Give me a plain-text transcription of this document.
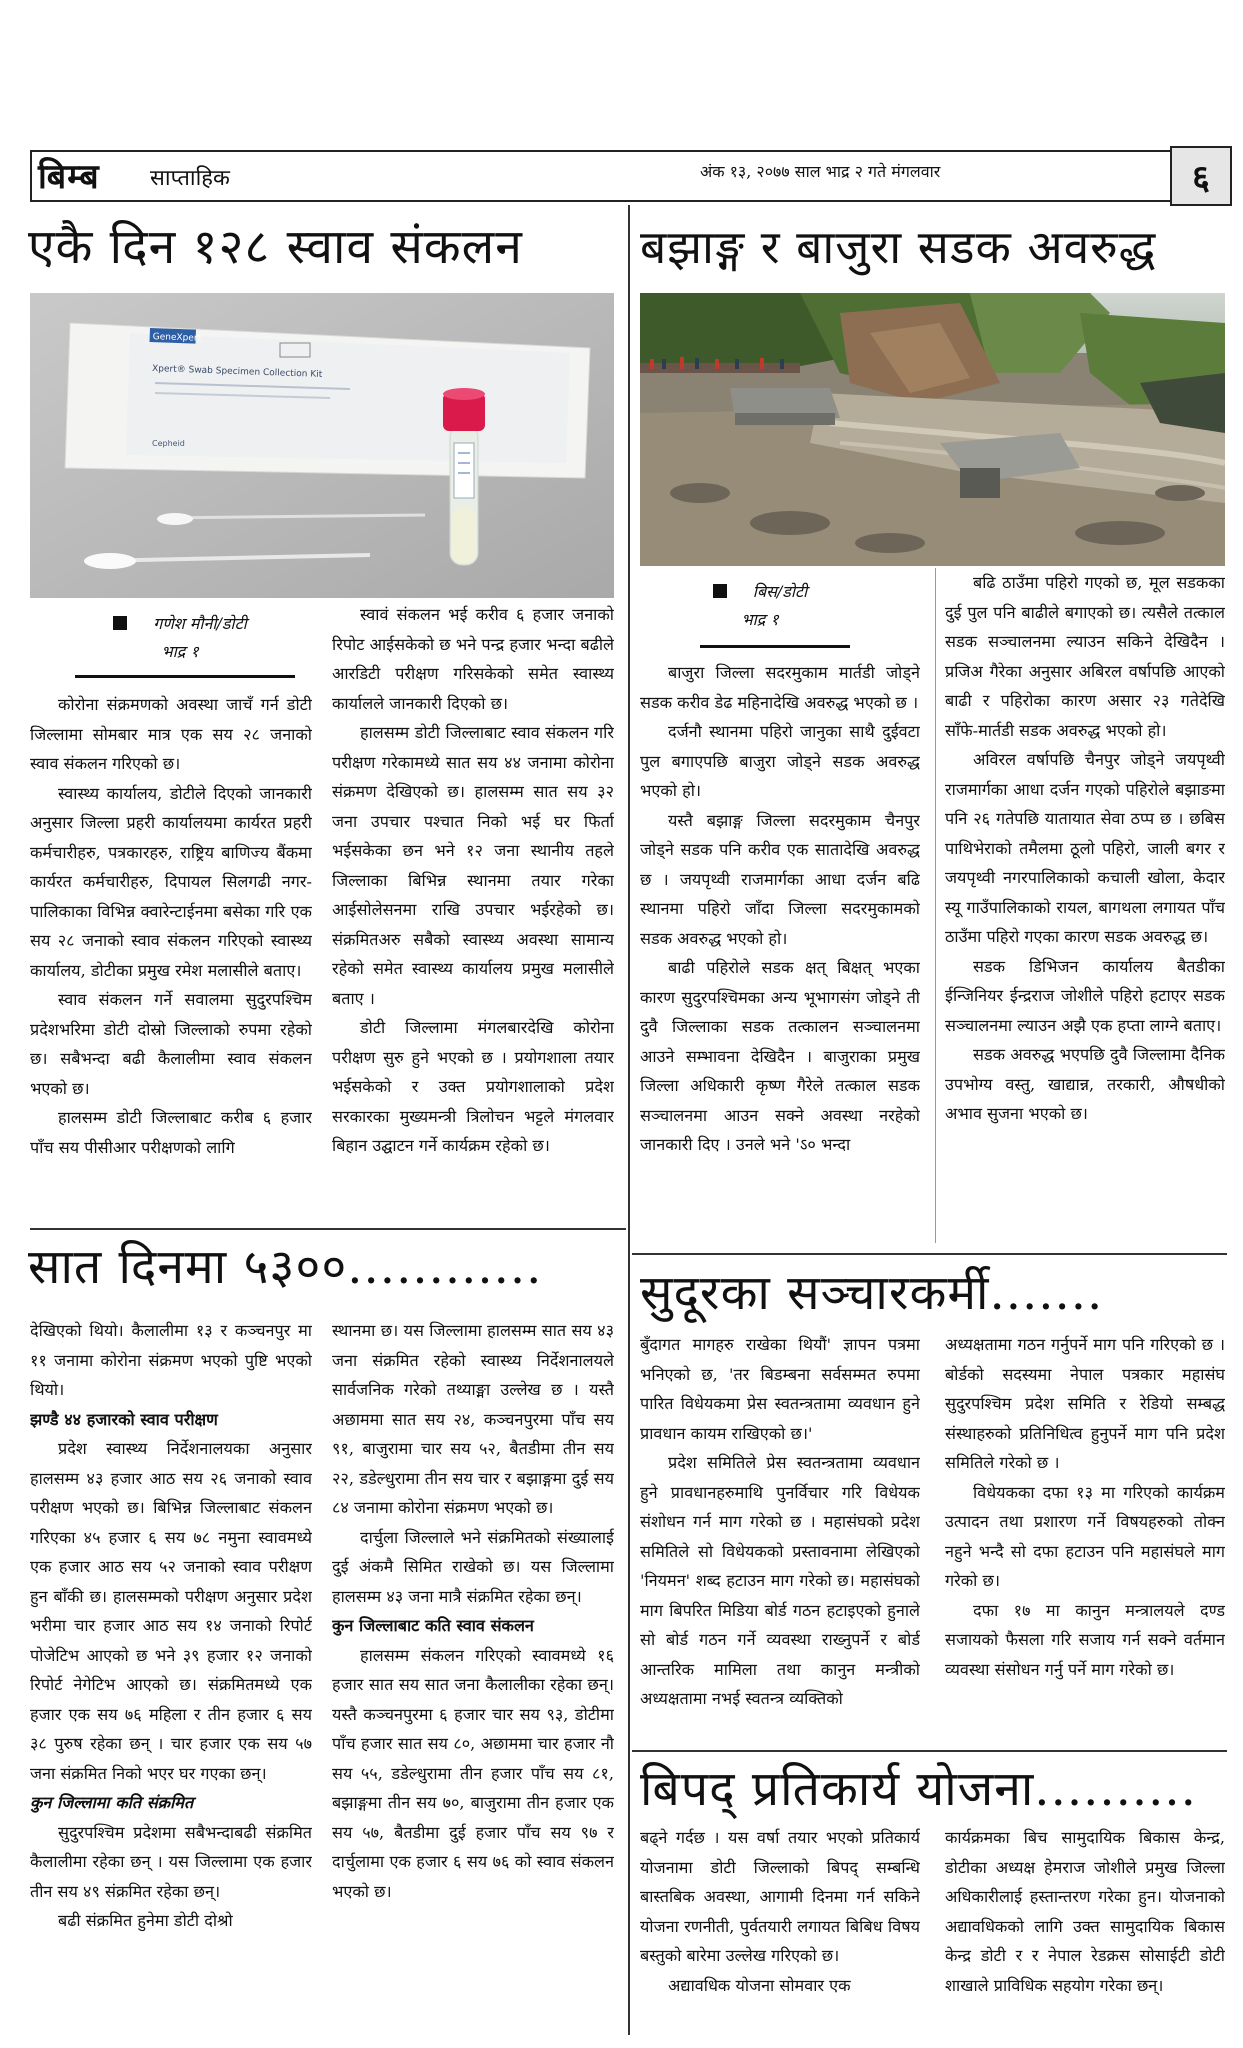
बिम्ब साप्ताहिक	अंक १३, २०७७ साल भाद्र २ गते मंगलवार	६
एकै दिन १२८ स्वाव संकलन
GeneXpert
Xpert® Swab Specimen Collection Kit
Cepheid
गणेश मौनी/डोटी
भाद्र १

कोरोना संक्रमणको अवस्था जाचँ गर्न डोटी जिल्लामा सोमबार मात्र एक सय २८ जनाको स्वाव संकलन गरिएको छ।

स्वास्थ्य कार्यालय, डोटीले दिएको जानकारी अनुसार जिल्ला प्रहरी कार्यालयमा कार्यरत प्रहरी कर्मचारीहरु, पत्रकारहरु, राष्ट्रिय बाणिज्य बैंकमा कार्यरत कर्मचारीहरु, दिपायल सिलगढी नगर-पालिकाका विभिन्न क्वारेन्टाईनमा बसेका गरि एक सय २८ जनाको स्वाव संकलन गरिएको स्वास्थ्य कार्यालय, डोटीका प्रमुख रमेश मलासीले बताए।

स्वाव संकलन गर्ने सवालमा सुदुरपश्चिम प्रदेशभरिमा डोटी दोस्रो जिल्लाको रुपमा रहेको छ। सबैभन्दा बढी कैलालीमा स्वाव संकलन भएको छ।

हालसम्म डोटी जिल्लाबाट करीब ६ हजार पाँच सय पीसीआर परीक्षणको लागि

स्वावं संकलन भई करीव ६ हजार जनाको रिपोट आईसकेको छ भने पन्द्र हजार भन्दा बढीले आरडिटी परीक्षण गरिसकेको समेत स्वास्थ्य कार्यालले जानकारी दिएको छ।

हालसम्म डोटी जिल्लाबाट स्वाव संकलन गरि परीक्षण गरेकामध्ये सात सय ४४ जनामा कोरोना संक्रमण देखिएको छ। हालसम्म सात सय ३२ जना उपचार पश्चात निको भई घर फिर्ता भईसकेका छन भने १२ जना स्थानीय तहले जिल्लाका बिभिन्न स्थानमा तयार गरेका आईसोलेसनमा राखि उपचार भईरहेको छ। संक्रमितअरु सबैको स्वास्थ्य अवस्था सामान्य रहेको समेत स्वास्थ्य कार्यालय प्रमुख मलासीले बताए ।

डोटी जिल्लामा मंगलबारदेखि कोरोना परीक्षण सुरु हुने भएको छ । प्रयोगशाला तयार भईसकेको र उक्त प्रयोगशालाको प्रदेश सरकारका मुख्यमन्त्री त्रिलोचन भट्टले मंगलवार बिहान उद्घाटन गर्ने कार्यक्रम रहेको छ।

बझाङ्ग र बाजुरा सडक अवरुद्ध
बिस/डोटी
भाद्र १

बाजुरा जिल्ला सदरमुकाम मार्तडी जोड्ने सडक करीव डेढ महिनादेखि अवरुद्ध भएको छ ।

दर्जनौ स्थानमा पहिरो जानुका साथै दुईवटा पुल बगाएपछि बाजुरा जोड्ने सडक अवरुद्ध भएको हो।

यस्तै बझाङ्ग जिल्ला सदरमुकाम चैनपुर जोड्ने सडक पनि करीव एक सातादेखि अवरुद्ध छ । जयपृथ्वी राजमार्गका आधा दर्जन बढि स्थानमा पहिरो जाँदा जिल्ला सदरमुकामको सडक अवरुद्ध भएको हो।

बाढी पहिरोले सडक क्षत् बिक्षत् भएका कारण सुदुरपश्चिमका अन्य भूभागसंग जोड्ने ती दुवै जिल्लाका सडक तत्कालन सञ्चालनमा आउने सम्भावना देखिदैन । बाजुराका प्रमुख जिल्ला अधिकारी कृष्ण गैरेले तत्काल सडक सञ्चालनमा आउन सक्ने अवस्था नरहेको जानकारी दिए । उनले भने 'ऽ० भन्दा

बढि ठाउँमा पहिरो गएको छ, मूल सडकका दुई पुल पनि बाढीले बगाएको छ। त्यसैले तत्काल सडक सञ्चालनमा ल्याउन सकिने देखिदैन । प्रजिअ गैरेका अनुसार अबिरल वर्षापछि आएको बाढी र पहिरोका कारण असार २३ गतेदेखि साँफे-मार्तडी सडक अवरुद्ध भएको हो।

अविरल वर्षापछि चैनपुर जोड्ने जयपृथ्वी राजमार्गका आधा दर्जन गएको पहिरोले बझाङमा पनि २६ गतेपछि यातायात सेवा ठप्प छ । छबिस पाथिभेराको तमैलमा ठूलो पहिरो, जाली बगर र जयपृथ्वी नगरपालिकाको कचाली खोला, केदार स्यू गाउँपालिकाको रायल, बागथला लगायत पाँच ठाउँमा पहिरो गएका कारण सडक अवरुद्ध छ।

सडक डिभिजन कार्यालय बैतडीका ईन्जिनियर ईन्द्रराज जोशीले पहिरो हटाएर सडक सञ्चालनमा ल्याउन अझै एक हप्ता लाग्ने बताए।

सडक अवरुद्ध भएपछि दुवै जिल्लामा दैनिक उपभोग्य वस्तु, खाद्यान्न, तरकारी, औषधीको अभाव सुजना भएको छ।

सात दिनमा ५३००............

देखिएको थियो। कैलालीमा १३ र कञ्चनपुर मा ११ जनामा कोरोना संक्रमण भएको पुष्टि भएको थियो।

झण्डै ४४ हजारको स्वाव परीक्षण

प्रदेश स्वास्थ्य निर्देशनालयका अनुसार हालसम्म ४३ हजार आठ सय २६ जनाको स्वाव परीक्षण भएको छ। बिभिन्न जिल्लाबाट संकलन गरिएका ४५ हजार ६ सय ७८ नमुना स्वावमध्ये एक हजार आठ सय ५२ जनाको स्वाव परीक्षण हुन बाँकी छ। हालसम्मको परीक्षण अनुसार प्रदेश भरीमा चार हजार आठ सय १४ जनाको रिपोर्ट पोजेटिभ आएको छ भने ३९ हजार १२ जनाको रिपोर्ट नेगेटिभ आएको छ। संक्रमितमध्ये एक हजार एक सय ७६ महिला र तीन हजार ६ सय ३८ पुरुष रहेका छन् । चार हजार एक सय ५७ जना संक्रमित निको भएर घर गएका छन्।

कुन जिल्लामा कति संक्रमित

सुदुरपश्चिम प्रदेशमा सबैभन्दाबढी संक्रमित कैलालीमा रहेका छन् । यस जिल्लामा एक हजार तीन सय ४९ संक्रमित रहेका छन्।

बढी संक्रमित हुनेमा डोटी दोश्रो

स्थानमा छ। यस जिल्लामा हालसम्म सात सय ४३ जना संक्रमित रहेको स्वास्थ्य निर्देशनालयले सार्वजनिक गरेको तथ्याङ्मा उल्लेख छ । यस्तै अछाममा सात सय २४, कञ्चनपुरमा पाँच सय ९१, बाजुरामा चार सय ५२, बैतडीमा तीन सय २२, डडेल्धुरामा तीन सय चार र बझाङ्गमा दुई सय ८४ जनामा कोरोना संक्रमण भएको छ।

दार्चुला जिल्लाले भने संक्रमितको संख्यालाई दुई अंकमै सिमित राखेको छ। यस जिल्लामा हालसम्म ४३ जना मात्रै संक्रमित रहेका छन्।

कुन जिल्लाबाट कति स्वाव संकलन

हालसम्म संकलन गरिएको स्वावमध्ये १६ हजार सात सय सात जना कैलालीका रहेका छन्। यस्तै कञ्चनपुरमा ६ हजार चार सय ९३, डोटीमा पाँच हजार सात सय ८०, अछाममा चार हजार नौ सय ५५, डडेल्धुरामा तीन हजार पाँच सय ८१, बझाङ्गमा तीन सय ७०, बाजुरामा तीन हजार एक सय ५७, बैतडीमा दुई हजार पाँच सय ९७ र दार्चुलामा एक हजार ६ सय ७६ को स्वाव संकलन भएको छ।

सुदूरका सञ्चारकर्मी.......

बुँदागत मागहरु राखेका थियौं' ज्ञापन पत्रमा भनिएको छ, 'तर बिडम्बना सर्वसम्मत रुपमा पारित विधेयकमा प्रेस स्वतन्त्रतामा व्यवधान हुने प्रावधान कायम राखिएको छ।'

प्रदेश समितिले प्रेस स्वतन्त्रतामा व्यवधान हुने प्रावधानहरुमाथि पुनर्विचार गरि विधेयक संशोधन गर्न माग गरेको छ । महासंघको प्रदेश समितिले सो विधेयकको प्रस्तावनामा लेखिएको 'नियमन' शब्द हटाउन माग गरेको छ। महासंघको माग बिपरित मिडिया बोर्ड गठन हटाइएको हुनाले सो बोर्ड गठन गर्ने व्यवस्था राख्नुपर्ने र बोर्ड आन्तरिक मामिला तथा कानुन मन्त्रीको अध्यक्षतामा नभई स्वतन्त्र व्यक्तिको

अध्यक्षतामा गठन गर्नुपर्ने माग पनि गरिएको छ । बोर्डको सदस्यमा नेपाल पत्रकार महासंघ सुदुरपश्चिम प्रदेश समिति र रेडियो सम्बद्ध संस्थाहरुको प्रतिनिधित्व हुनुपर्ने माग पनि प्रदेश समितिले गरेको छ ।

विधेयकका दफा १३ मा गरिएको कार्यक्रम उत्पादन तथा प्रशारण गर्ने विषयहरुको तोक्न नहुने भन्दै सो दफा हटाउन पनि महासंघले माग गरेको छ।

दफा १७ मा कानुन मन्त्रालयले दण्ड सजायको फैसला गरि सजाय गर्न सक्ने वर्तमान व्यवस्था संसोधन गर्नु पर्ने माग गरेको छ।

बिपद् प्रतिकार्य योजना..........

बढ्ने गर्दछ । यस वर्षा तयार भएको प्रतिकार्य योजनामा डोटी जिल्लाको बिपद् सम्बन्धि बास्तबिक अवस्था, आगामी दिनमा गर्न सकिने योजना रणनीती, पुर्वतयारी लगायत बिबिध विषय बस्तुको बारेमा उल्लेख गरिएको छ।

अद्यावधिक योजना सोमवार एक

कार्यक्रमका बिच सामुदायिक बिकास केन्द्र, डोटीका अध्यक्ष हेमराज जोशीले प्रमुख जिल्ला अधिकारीलाई हस्तान्तरण गरेका हुन। योजनाको अद्यावधिकको लागि उक्त सामुदायिक बिकास केन्द्र डोटी र र नेपाल रेडक्रस सोसाईटी डोटी शाखाले प्राविधिक सहयोग गरेका छन्।
